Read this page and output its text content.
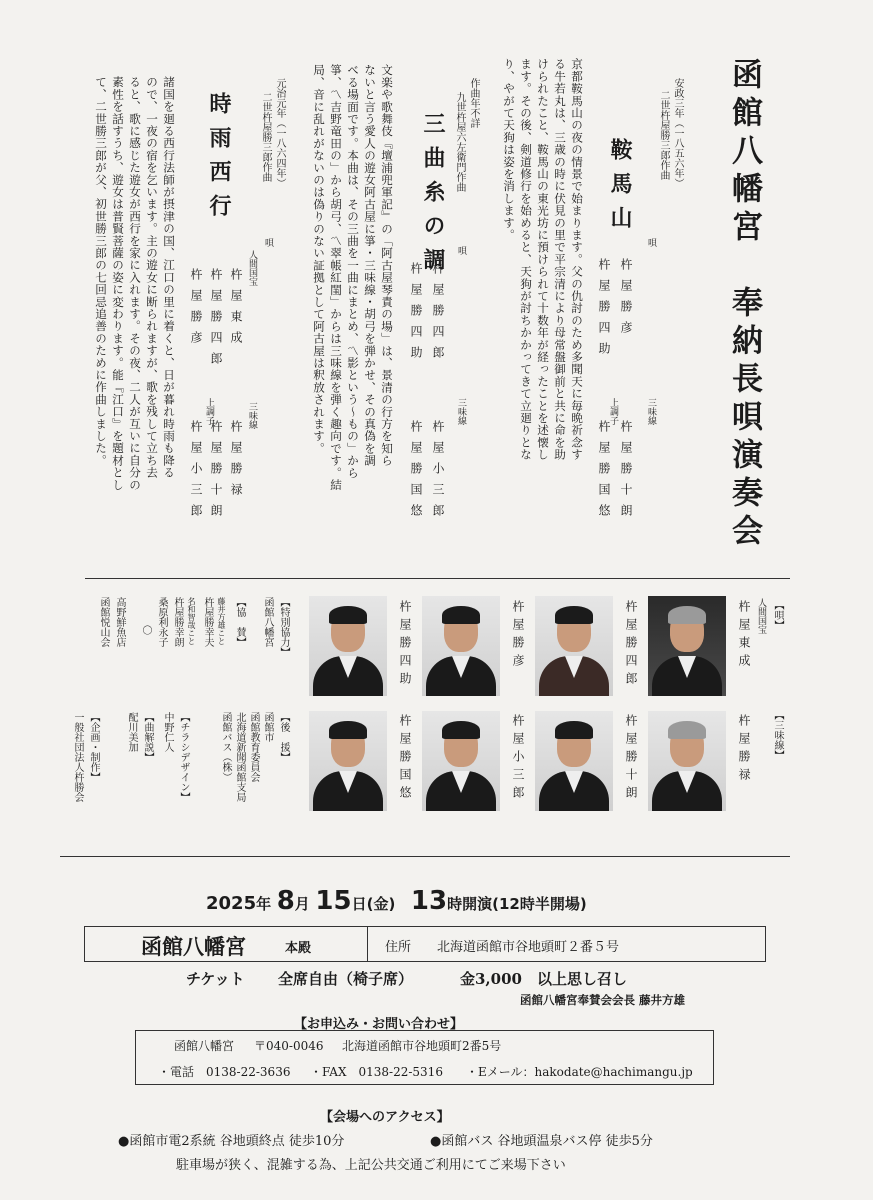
函館八幡宮　奉納長唄演奏会
安政三年（一八五六年）
二世杵屋勝三郎作曲
鞍馬山
唄
杵屋勝彦
杵屋勝四助
三味線
上調子
杵屋勝十朗
杵屋勝国悠
京都鞍馬山の夜の情景で始まります。父の仇討のため多聞天に毎晩祈念す
る牛若丸は、三歳の時に伏見の里で平宗清により母常盤御前と共に命を助
けられたこと、鞍馬山の東光坊に預けられて十数年が経ったことを述懐し
ます。その後、剣道修行を始めると、天狗が討ちかかってきて立廻りとな
り、やがて天狗は姿を消します。
作曲年不詳
九世杵屋六左衛門作曲
三曲糸の調	唄
杵屋勝四郎
杵屋勝四助
三味線
杵屋小三郎
杵屋勝国悠
文楽や歌舞伎『壇浦兜軍記』の「阿古屋琴責の場」は、景清の行方を知ら
ないと言う愛人の遊女阿古屋に箏・三味線・胡弓を弾かせ、その真偽を調
べる場面です。本曲は、その三曲を一曲にまとめ、〽影という～もの」から
箏、〽吉野竜田の」から胡弓、〽翠帳紅閨」からは三味線を弾く趣向です。結
局、音に乱れがないのは偽りのない証拠として阿古屋は釈放されます。
元治元年（一八六四年）
二世杵屋勝三郎作曲
時雨西行
唄
人間国宝
杵屋東成
杵屋勝四郎
杵屋勝彦
三味線
上調子
杵屋勝禄
杵屋勝十朗
杵屋小三郎
諸国を廻る西行法師が摂津の国、江口の里に着くと、日が暮れ時雨も降る
ので、一夜の宿を乞います。主の遊女に断られますが、歌を残して立ち去
ると、歌に感じた遊女が西行を家に入れます。その夜、二人が互いに自分の
素性を話すうち、遊女は普賢菩薩の姿に変わります。能『江口』を題材とし
て、二世勝三郎が父、初世勝三郎の七回忌追善のために作曲しました。
【唄】
【三味線】
人間国宝
杵屋東成
杵屋勝四郎
杵屋勝彦
杵屋勝四助
杵屋勝禄
杵屋勝十朗
杵屋小三郎
杵屋勝国悠
【特別協力】
函館八幡宮
【後　援】
函館市
函館教育委員会
北海道新聞函館支局
函館バス（株）
【協　賛】
藤井方雄こと
杵屋勝幸夫
名和智哉こと
杵屋勝幸朗
桑原利永子
〇
高野鮮魚店
函館悦山会
【チラシデザイン】
中野仁人
【曲解説】
配川美加
【企画・制作】
一般社団法人杵勝会
2025年 8月 15日(金) 13時開演(12時半開場)
函館八幡宮	本殿	住所 北海道函館市谷地頭町２番５号
チケット 全席自由（椅子席）	金3,000　以上思し召し
函館八幡宮奉賛会会長 藤井方雄
【お申込み・お問い合わせ】
函館八幡宮 〒040-0046 北海道函館市谷地頭町2番5号
・電話　0138-22-3636 ・FAX　0138-22-5316 ・Eメール：hakodate@hachimangu.jp
【会場へのアクセス】
●函館市電2系統 谷地頭終点 徒歩10分	●函館バス 谷地頭温泉バス停 徒歩5分
駐車場が狭く、混雑する為、上記公共交通ご利用にてご来場下さい
